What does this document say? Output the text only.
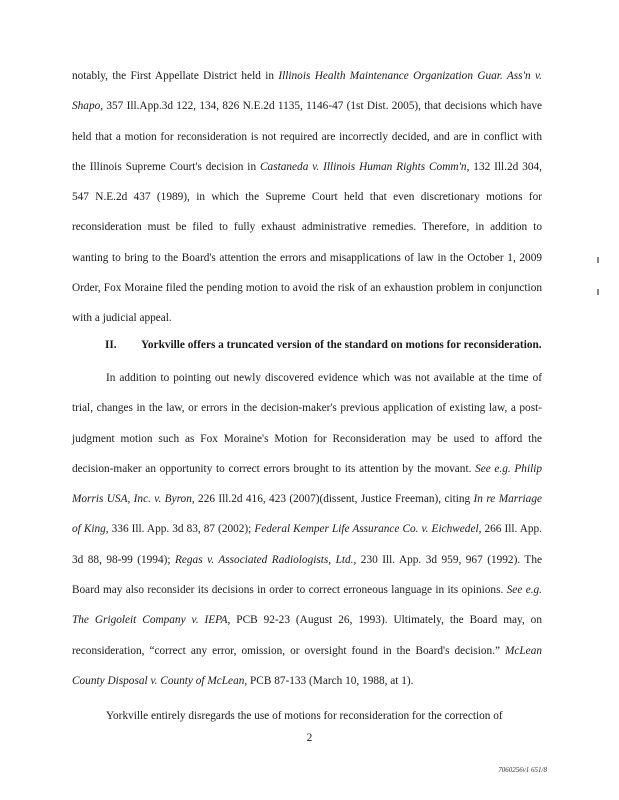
notably, the First Appellate District held in Illinois Health Maintenance Organization Guar. Ass'n v. Shapo, 357 Ill.App.3d 122, 134, 826 N.E.2d 1135, 1146-47 (1st Dist. 2005), that decisions which have held that a motion for reconsideration is not required are incorrectly decided, and are in conflict with the Illinois Supreme Court's decision in Castaneda v. Illinois Human Rights Comm'n, 132 Ill.2d 304, 547 N.E.2d 437 (1989), in which the Supreme Court held that even discretionary motions for reconsideration must be filed to fully exhaust administrative remedies. Therefore, in addition to wanting to bring to the Board's attention the errors and misapplications of law in the October 1, 2009 Order, Fox Moraine filed the pending motion to avoid the risk of an exhaustion problem in conjunction with a judicial appeal.
II.	Yorkville offers a truncated version of the standard on motions for reconsideration.
In addition to pointing out newly discovered evidence which was not available at the time of trial, changes in the law, or errors in the decision-maker's previous application of existing law, a post-judgment motion such as Fox Moraine's Motion for Reconsideration may be used to afford the decision-maker an opportunity to correct errors brought to its attention by the movant. See e.g. Philip Morris USA, Inc. v. Byron, 226 Ill.2d 416, 423 (2007)(dissent, Justice Freeman), citing In re Marriage of King, 336 Ill. App. 3d 83, 87 (2002); Federal Kemper Life Assurance Co. v. Eichwedel, 266 Ill. App. 3d 88, 98-99 (1994); Regas v. Associated Radiologists, Ltd., 230 Ill. App. 3d 959, 967 (1992). The Board may also reconsider its decisions in order to correct erroneous language in its opinions. See e.g. The Grigoleit Company v. IEPA, PCB 92-23 (August 26, 1993). Ultimately, the Board may, on reconsideration, “correct any error, omission, or oversight found in the Board's decision.” McLean County Disposal v. County of McLean, PCB 87-133 (March 10, 1988, at 1).
Yorkville entirely disregards the use of motions for reconsideration for the correction of
2
7060256v1 651/8
